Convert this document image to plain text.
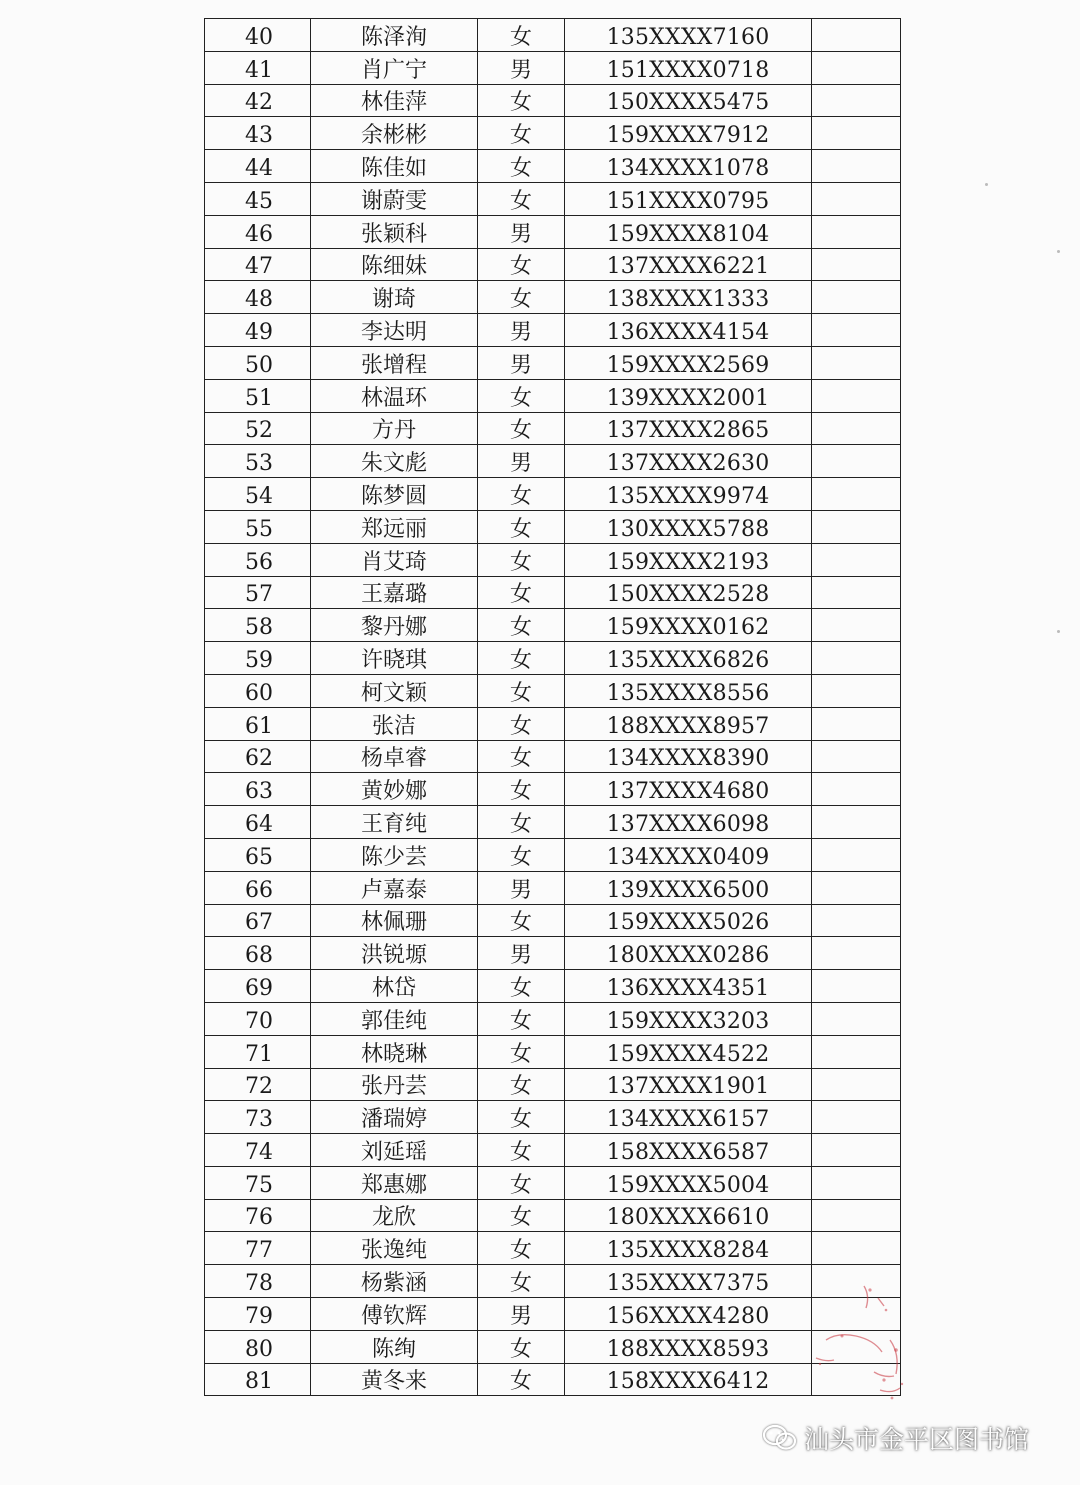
40	陈泽洵	女	135XXXX7160	
41	肖广宁	男	151XXXX0718	
42	林佳萍	女	150XXXX5475	
43	余彬彬	女	159XXXX7912	
44	陈佳如	女	134XXXX1078	
45	谢蔚雯	女	151XXXX0795	
46	张颖科	男	159XXXX8104	
47	陈细妹	女	137XXXX6221	
48	谢琦	女	138XXXX1333	
49	李达明	男	136XXXX4154	
50	张增程	男	159XXXX2569	
51	林温环	女	139XXXX2001	
52	方丹	女	137XXXX2865	
53	朱文彪	男	137XXXX2630	
54	陈梦圆	女	135XXXX9974	
55	郑远丽	女	130XXXX5788	
56	肖艾琦	女	159XXXX2193	
57	王嘉璐	女	150XXXX2528	
58	黎丹娜	女	159XXXX0162	
59	许晓琪	女	135XXXX6826	
60	柯文颖	女	135XXXX8556	
61	张洁	女	188XXXX8957	
62	杨卓睿	女	134XXXX8390	
63	黄妙娜	女	137XXXX4680	
64	王育纯	女	137XXXX6098	
65	陈少芸	女	134XXXX0409	
66	卢嘉泰	男	139XXXX6500	
67	林佩珊	女	159XXXX5026	
68	洪锐塬	男	180XXXX0286	
69	林岱	女	136XXXX4351	
70	郭佳纯	女	159XXXX3203	
71	林晓琳	女	159XXXX4522	
72	张丹芸	女	137XXXX1901	
73	潘瑞婷	女	134XXXX6157	
74	刘延瑶	女	158XXXX6587	
75	郑惠娜	女	159XXXX5004	
76	龙欣	女	180XXXX6610	
77	张逸纯	女	135XXXX8284	
78	杨紫涵	女	135XXXX7375	
79	傅钦辉	男	156XXXX4280	
80	陈绚	女	188XXXX8593	
81	黄冬来	女	158XXXX6412	
汕头市金平区图书馆
